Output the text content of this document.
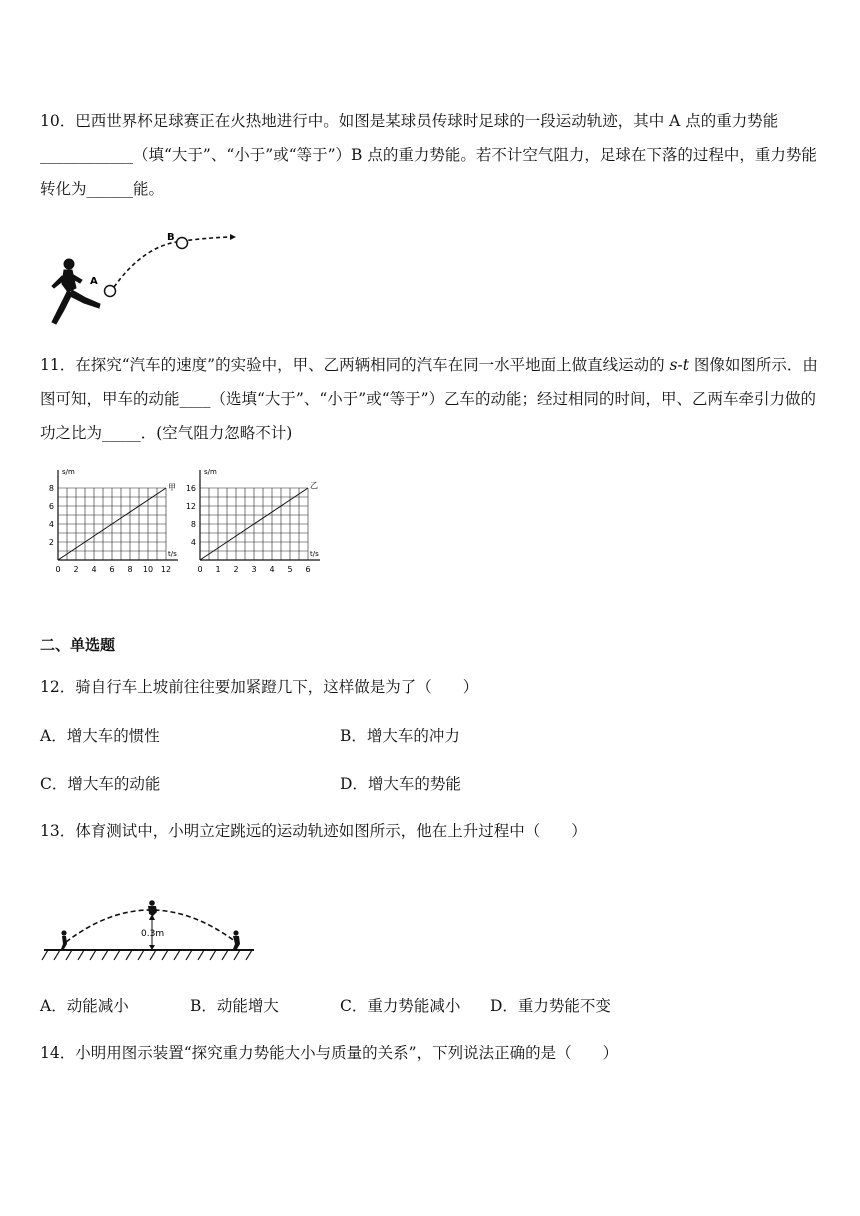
10．巴西世界杯足球赛正在火热地进行中。如图是某球员传球时足球的一段运动轨迹，其中 A 点的重力势能____________（填“大于”、“小于”或“等于”）B 点的重力势能。若不计空气阻力，足球在下落的过程中，重力势能转化为______能。
A
B
11．在探究“汽车的速度”的实验中，甲、乙两辆相同的汽车在同一水平地面上做直线运动的 s-t 图像如图所示．由图可知，甲车的动能____（选填“大于”、“小于”或“等于”）乙车的动能；经过相同的时间，甲、乙两车牵引力做的功之比为_____．(空气阻力忽略不计)
s/m
t/s
甲
2
4
6
8
0 2 4 6 8 10 12
s/m
t/s
乙
4
8
12
16
0 1 2 3 4 5 6
二、单选题
12．骑自行车上坡前往往要加紧蹬几下，这样做是为了（　　）
A．增大车的惯性	B．增大车的冲力
C．增大车的动能	D．增大车的势能
13．体育测试中，小明立定跳远的运动轨迹如图所示，他在上升过程中（　　）
0.3m
A．动能减小	B．动能增大	C．重力势能减小 D．重力势能不变
14．小明用图示装置“探究重力势能大小与质量的关系”，下列说法正确的是（　　）
